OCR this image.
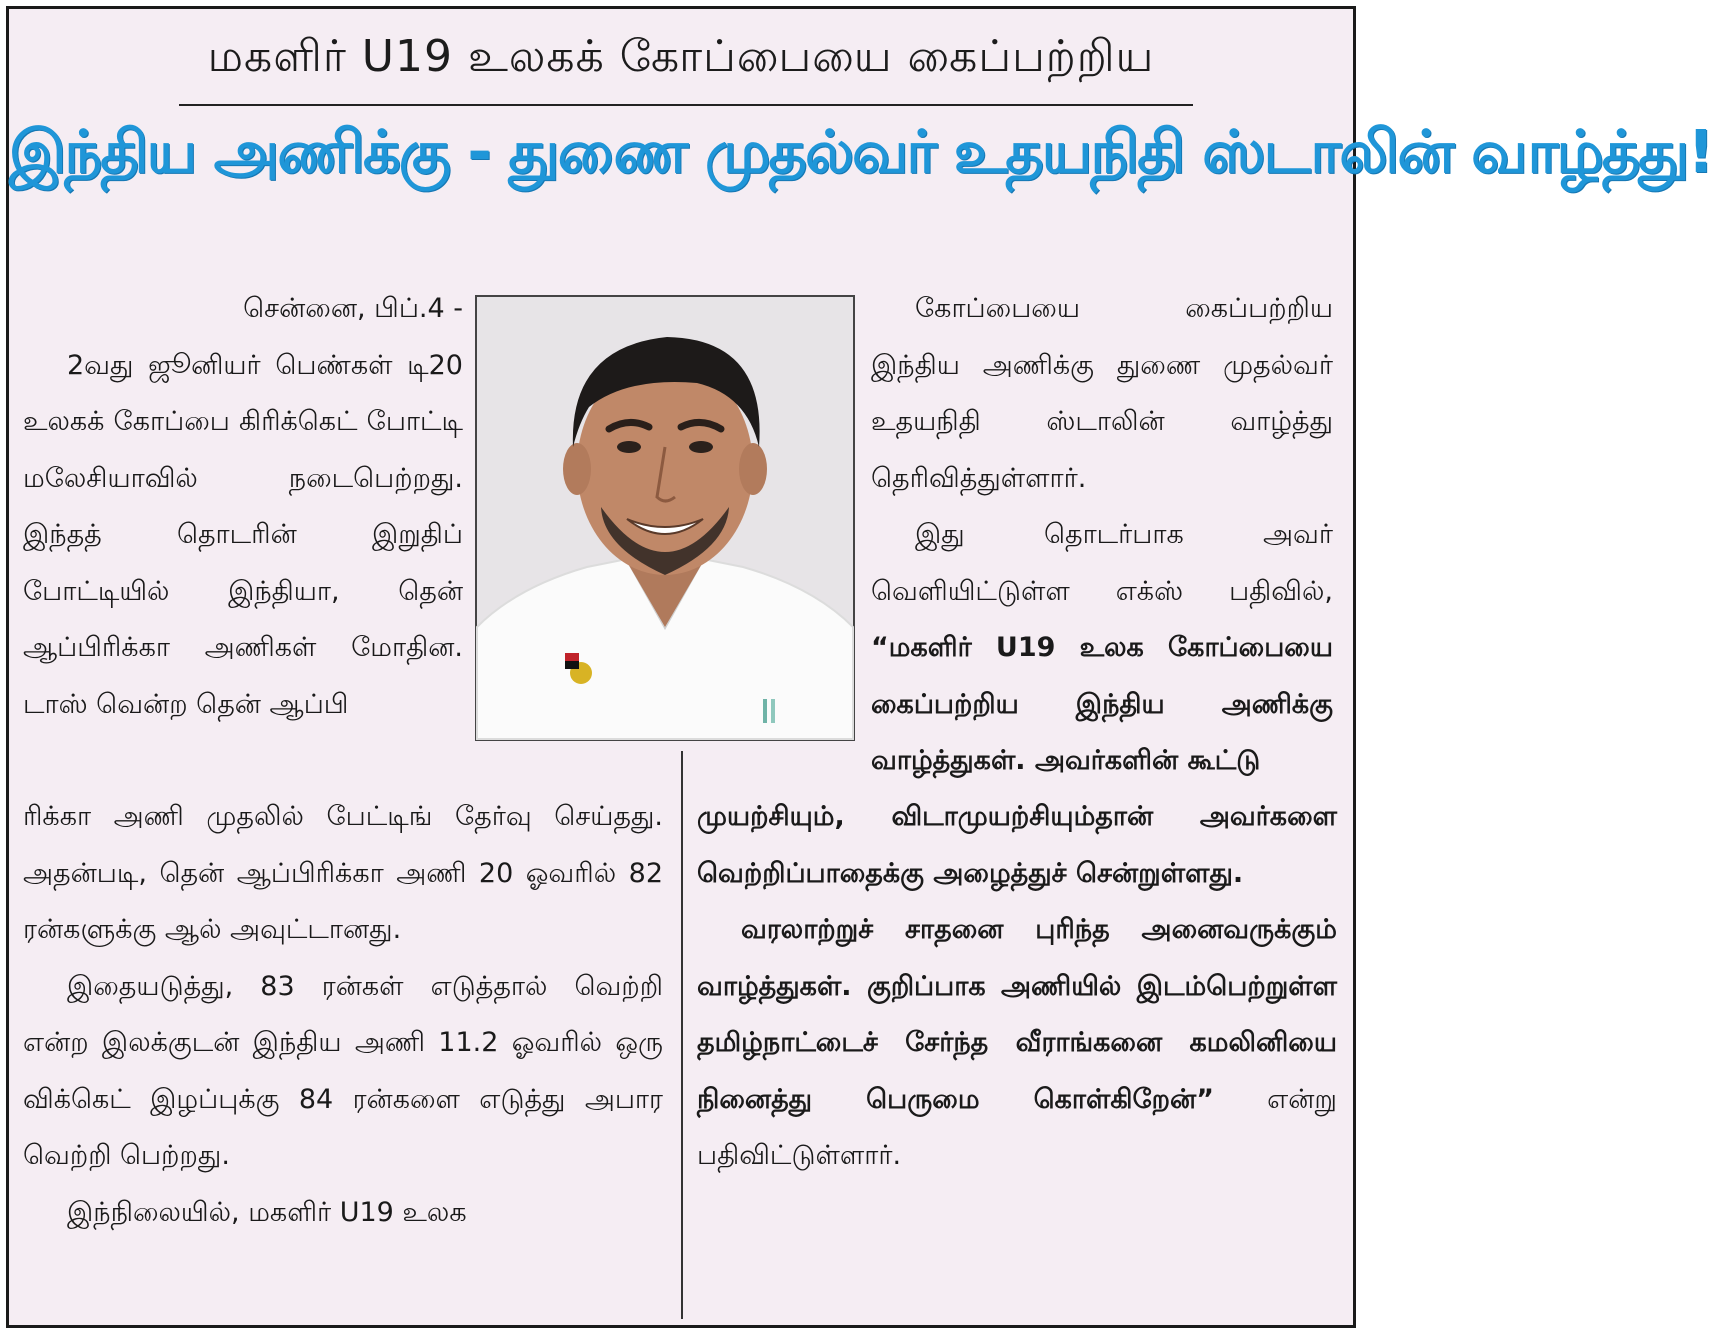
மகளிர் U19 உலகக் கோப்பையை கைப்பற்றிய
இந்திய அணிக்கு - துணை முதல்வர் உதயநிதி ஸ்டாலின் வாழ்த்து!

சென்னை, பிப்.4 -

2வது ஜூனியர் பெண்கள் டி20 உலகக் கோப்பை கிரிக்கெட் போட்டி மலேசியாவில் நடைபெற்றது. இந்தத் தொடரின் இறுதிப் போட்டியில் இந்தியா, தென் ஆப்பிரிக்கா அணிகள் மோதின. டாஸ் வென்ற தென் ஆப்பி

கோப்பையை கைப்பற்றிய இந்திய அணிக்கு துணை முதல்வர் உதயநிதி ஸ்டாலின் வாழ்த்து தெரிவித்துள்ளார்.

இது தொடர்பாக அவர் வெளியிட்டுள்ள எக்ஸ் பதிவில், “மகளிர் U19 உலக கோப்பையை கைப்பற்றிய இந்திய அணிக்கு வாழ்த்துகள். அவர்களின் கூட்டு

ரிக்கா அணி முதலில் பேட்டிங் தேர்வு செய்தது. அதன்படி, தென் ஆப்பிரிக்கா அணி 20 ஓவரில் 82 ரன்களுக்கு ஆல் அவுட்டானது.

இதையடுத்து, 83 ரன்கள் எடுத்தால் வெற்றி என்ற இலக்குடன் இந்திய அணி 11.2 ஓவரில் ஒரு விக்கெட் இழப்புக்கு 84 ரன்களை எடுத்து அபார வெற்றி பெற்றது.

இந்நிலையில், மகளிர் U19 உலக

முயற்சியும், விடாமுயற்சியும்தான் அவர்களை வெற்றிப்பாதைக்கு அழைத்துச் சென்றுள்ளது.

வரலாற்றுச் சாதனை புரிந்த அனைவருக்கும் வாழ்த்துகள். குறிப்பாக அணியில் இடம்பெற்றுள்ள தமிழ்நாட்டைச் சேர்ந்த வீராங்கனை கமலினியை நினைத்து பெருமை கொள்கிறேன்” என்று பதிவிட்டுள்ளார்.
